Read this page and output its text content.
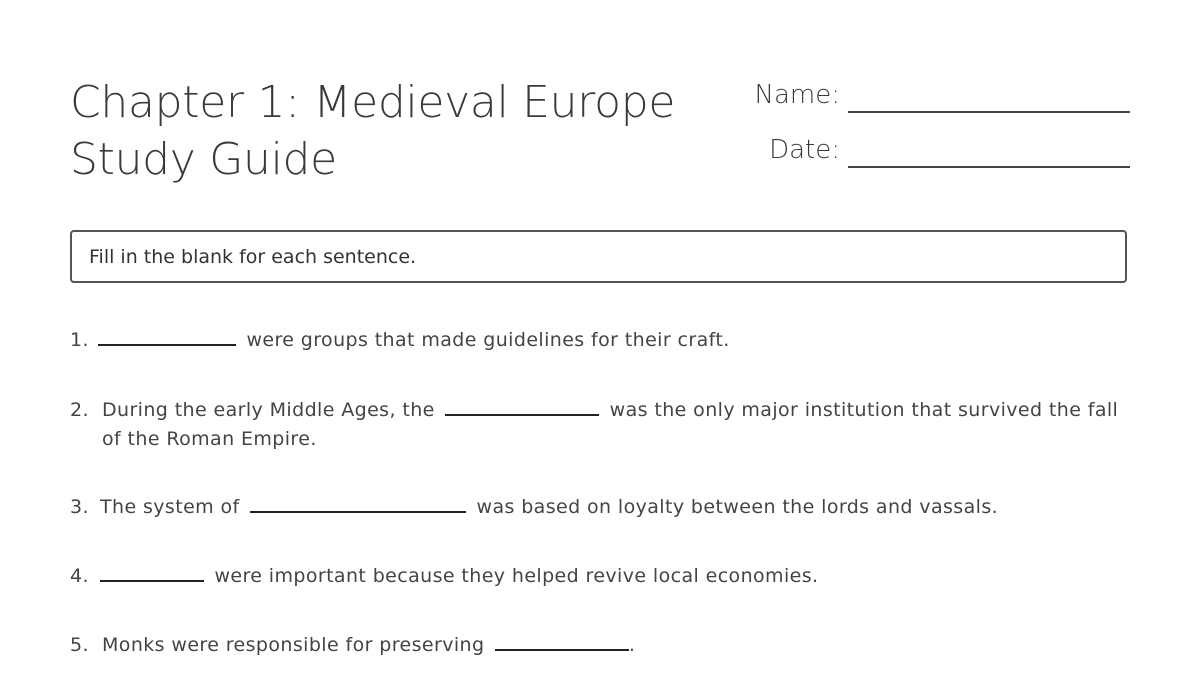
Chapter 1: Medieval Europe
Study Guide
Name:
Date:
Fill in the blank for each sentence.
1.	were groups that made guidelines for their craft.
2. During the early Middle Ages, the	was the only major institution that survived the fall of the Roman Empire.
3. The system of	was based on loyalty between the lords and vassals.
4.	were important because they helped revive local economies.
5. Monks were responsible for preserving	.
